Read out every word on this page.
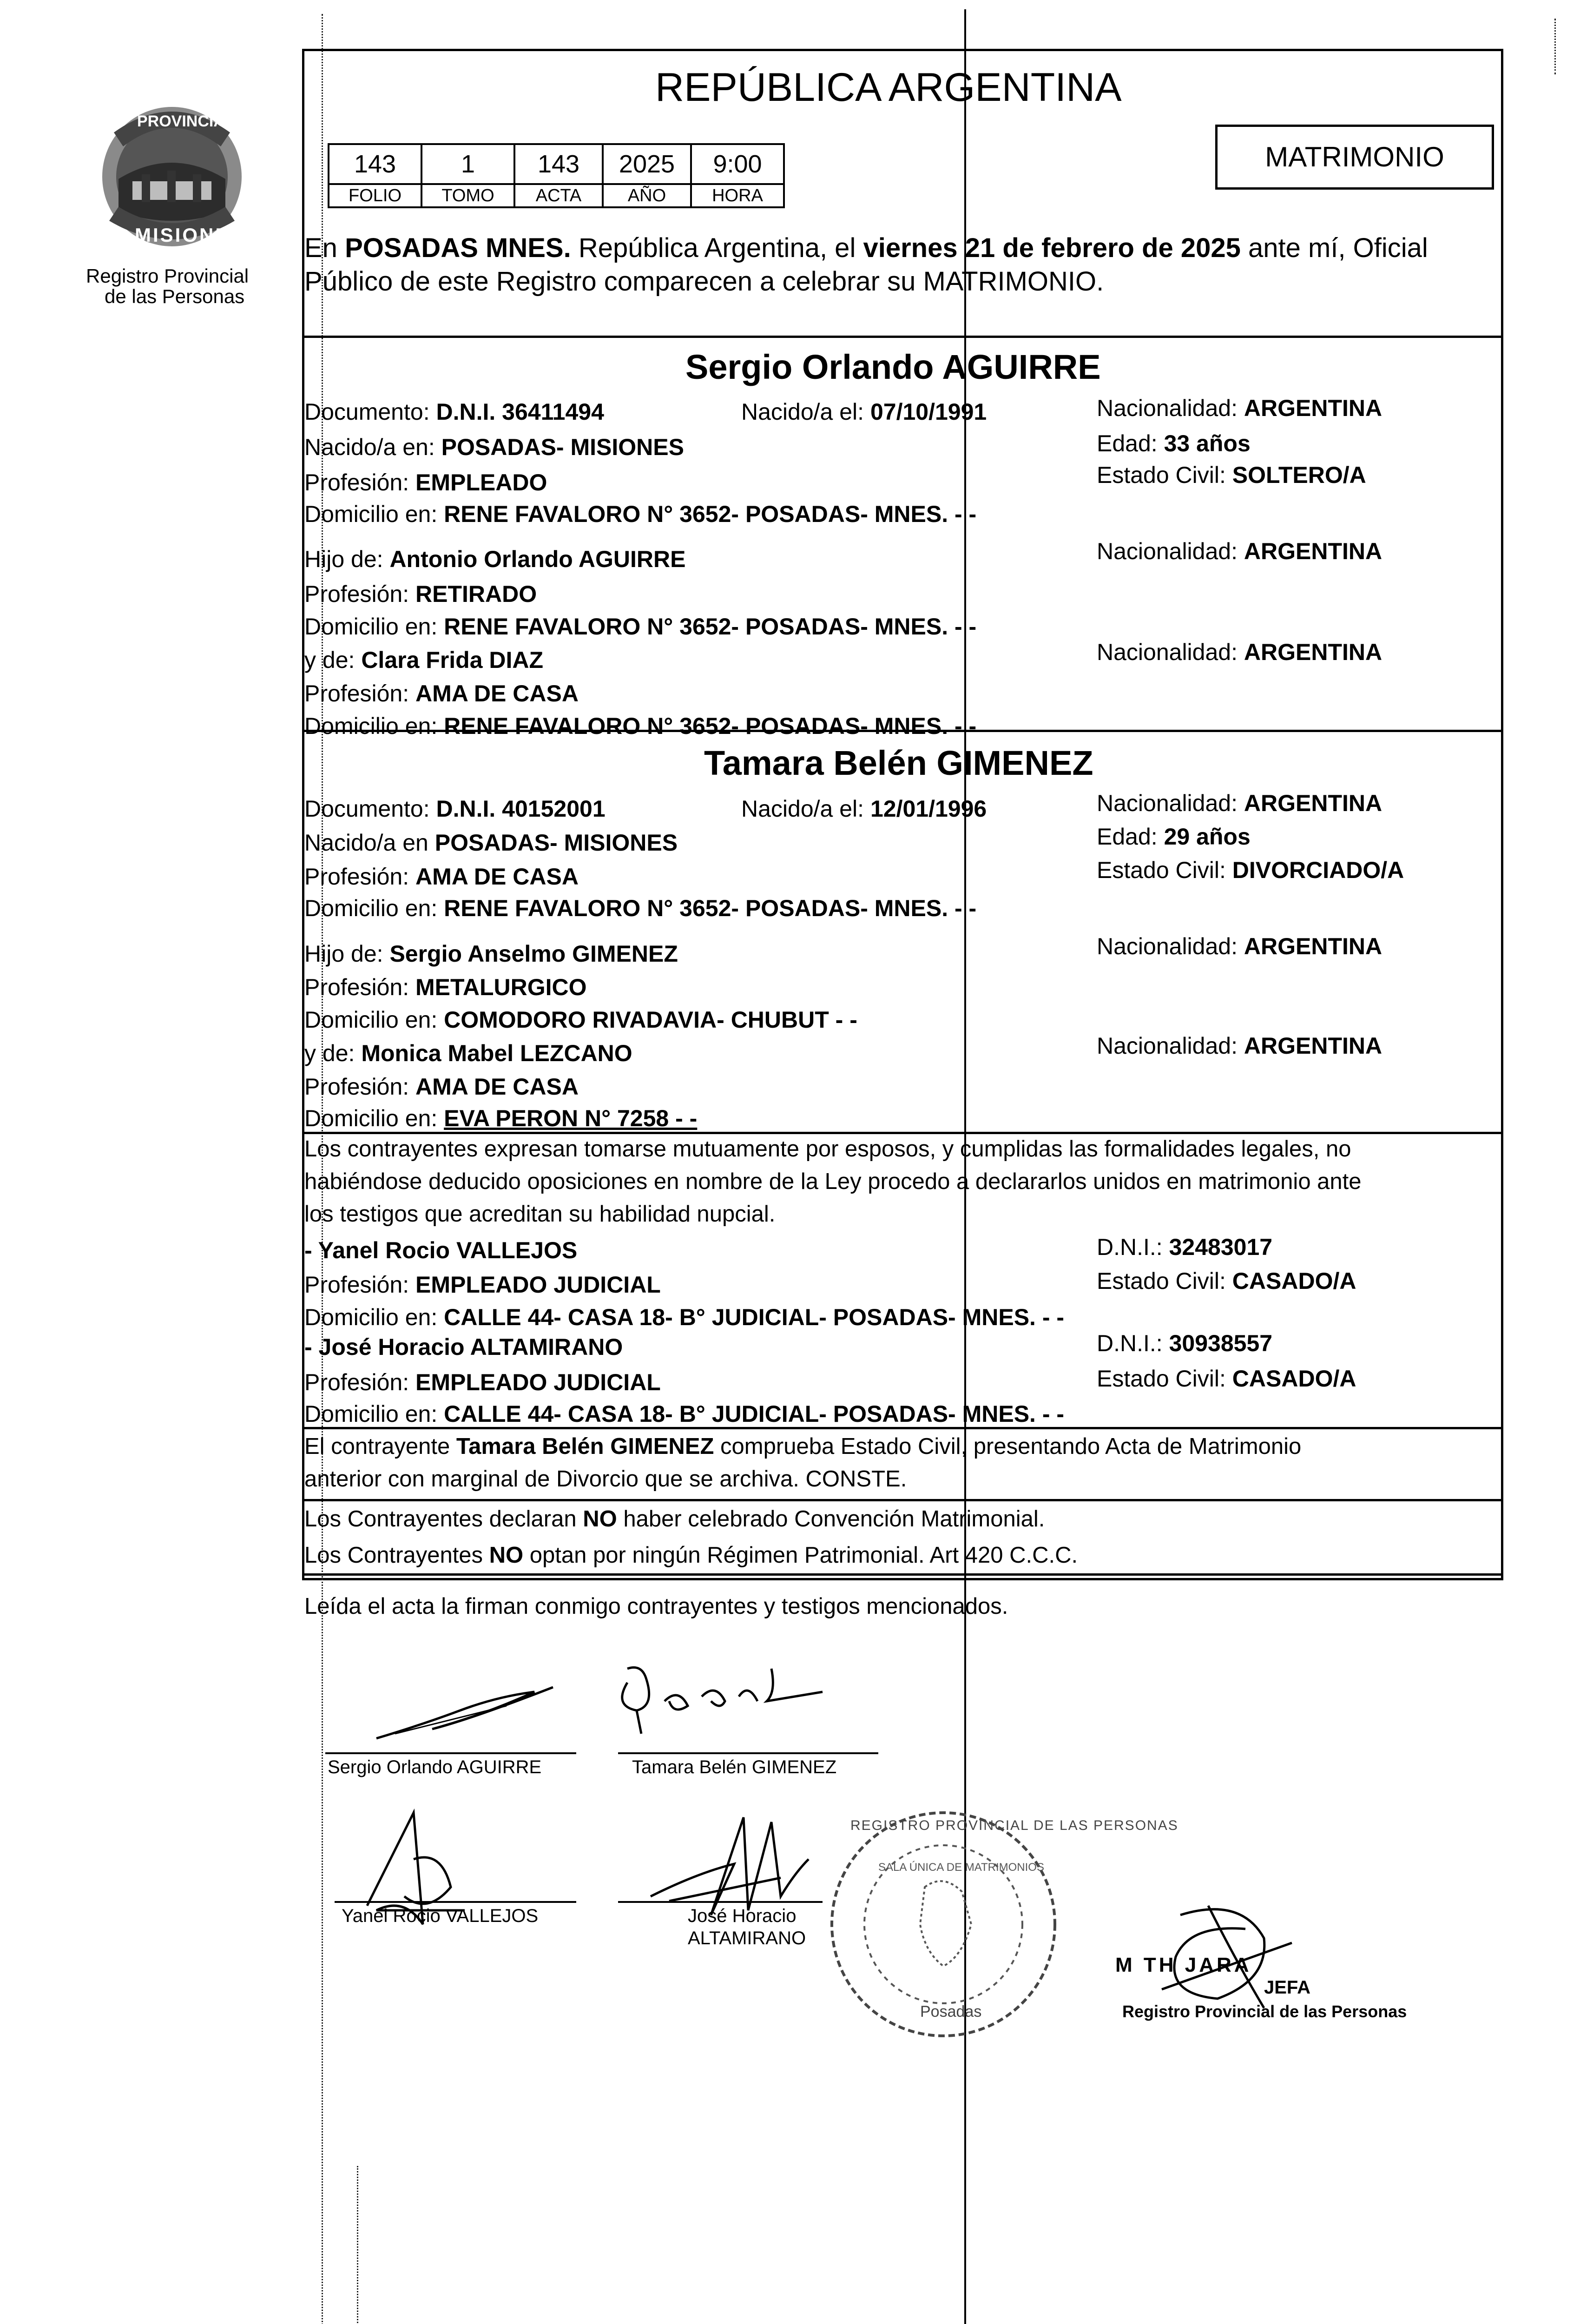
PROVINCIA DE
MISIONES
Registro Provincial
de las Personas
REPÚBLICA ARGENTINA
143	1	143	2025	9:00
FOLIO	TOMO	ACTA	AÑO	HORA
MATRIMONIO
En POSADAS MNES. República Argentina, el viernes 21 de febrero de 2025 ante mí, Oficial
Público de este Registro comparecen a celebrar su MATRIMONIO.
Sergio Orlando AGUIRRE
Documento: D.N.I. 36411494	Nacido/a el: 07/10/1991	Nacionalidad: ARGENTINA
Nacido/a en: POSADAS- MISIONES	Edad: 33 años
Profesión: EMPLEADO	Estado Civil: SOLTERO/A
Domicilio en: RENE FAVALORO N° 3652- POSADAS- MNES. - -
Hijo de: Antonio Orlando AGUIRRE	Nacionalidad: ARGENTINA
Profesión: RETIRADO
Domicilio en: RENE FAVALORO N° 3652- POSADAS- MNES. - -
y de: Clara Frida DIAZ	Nacionalidad: ARGENTINA
Profesión: AMA DE CASA
Domicilio en: RENE FAVALORO N° 3652- POSADAS- MNES. - -
Tamara Belén GIMENEZ
Documento: D.N.I. 40152001	Nacido/a el: 12/01/1996	Nacionalidad: ARGENTINA
Nacido/a en POSADAS- MISIONES	Edad: 29 años
Profesión: AMA DE CASA	Estado Civil: DIVORCIADO/A
Domicilio en: RENE FAVALORO N° 3652- POSADAS- MNES. - -
Hijo de: Sergio Anselmo GIMENEZ	Nacionalidad: ARGENTINA
Profesión: METALURGICO
Domicilio en: COMODORO RIVADAVIA- CHUBUT - -
y de: Monica Mabel LEZCANO	Nacionalidad: ARGENTINA
Profesión: AMA DE CASA
Domicilio en: EVA PERON N° 7258 - -
Los contrayentes expresan tomarse mutuamente por esposos, y cumplidas las formalidades legales, no
habiéndose deducido oposiciones en nombre de la Ley procedo a declararlos unidos en matrimonio ante
los testigos que acreditan su habilidad nupcial.
- Yanel Rocio VALLEJOS	D.N.I.: 32483017
Profesión: EMPLEADO JUDICIAL	Estado Civil: CASADO/A
Domicilio en: CALLE 44- CASA 18- B° JUDICIAL- POSADAS- MNES. - -
- José Horacio ALTAMIRANO	D.N.I.: 30938557
Profesión: EMPLEADO JUDICIAL	Estado Civil: CASADO/A
Domicilio en: CALLE 44- CASA 18- B° JUDICIAL- POSADAS- MNES. - -
El contrayente Tamara Belén GIMENEZ comprueba Estado Civil, presentando Acta de Matrimonio
anterior con marginal de Divorcio que se archiva. CONSTE.
Los Contrayentes declaran NO haber celebrado Convención Matrimonial.
Los Contrayentes NO optan por ningún Régimen Patrimonial. Art 420 C.C.C.
Leída el acta la firman conmigo contrayentes y testigos mencionados.
Sergio Orlando AGUIRRE	Tamara Belén GIMENEZ
Yanel Rocio VALLEJOS	José Horacio
ALTAMIRANO
REGISTRO PROVINCIAL DE LAS PERSONAS
SALA ÚNICA DE MATRIMONIOS
Posadas
M TH JARA
JEFA
Registro Provincial de las Personas
